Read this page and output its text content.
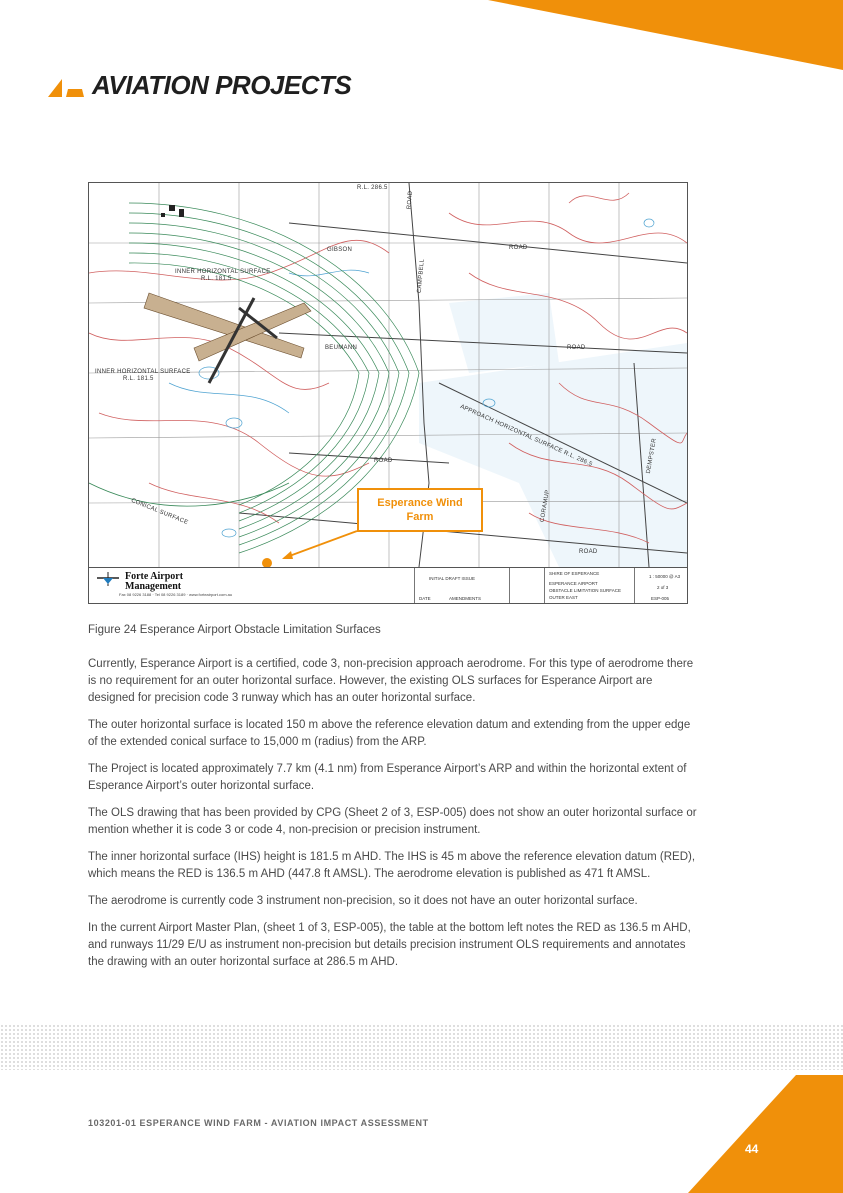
AVIATION PROJECTS
INNER HORIZONTAL SURFACE
R.L. 181.5
INNER HORIZONTAL SURFACE
R.L. 181.5
CONICAL SURFACE
APPROACH HORIZONTAL SURFACE R.L. 286.5
ROAD
ROAD
ROAD
ROAD
ROAD
GIBSON
CAMPBELL
BEUMANN
DEMPSTER
CORAMUP
R.L. 286.5
Esperance Wind Farm
Forte Airport
Management
Fax 08 9226 3188 · Tel 08 9226 3189 · www.forteairport.com.au
INITIAL DRAFT ISSUE
DATE	AMENDMENTS
SHIRE OF ESPERANCE
ESPERANCE AIRPORT
OBSTACLE LIMITATION SURFACE
OUTER EAST
1 : 50000 @ A3
2 of 3
ESP-005
Figure 24 Esperance Airport Obstacle Limitation Surfaces

Currently, Esperance Airport is a certified, code 3, non-precision approach aerodrome. For this type of aerodrome there is no requirement for an outer horizontal surface. However, the existing OLS surfaces for Esperance Airport are designed for precision code 3 runway which has an outer horizontal surface.

The outer horizontal surface is located 150 m above the reference elevation datum and extending from the upper edge of the extended conical surface to 15,000 m (radius) from the ARP.

The Project is located approximately 7.7 km (4.1 nm) from Esperance Airport’s ARP and within the horizontal extent of Esperance Airport’s outer horizontal surface.

The OLS drawing that has been provided by CPG (Sheet 2 of 3, ESP-005) does not show an outer horizontal surface or mention whether it is code 3 or code 4, non-precision or precision instrument.

The inner horizontal surface (IHS) height is 181.5 m AHD. The IHS is 45 m above the reference elevation datum (RED), which means the RED is 136.5 m AHD (447.8 ft AMSL). The aerodrome elevation is published as 471 ft AMSL.

The aerodrome is currently code 3 instrument non-precision, so it does not have an outer horizontal surface.

In the current Airport Master Plan, (sheet 1 of 3, ESP-005), the table at the bottom left notes the RED as 136.5 m AHD, and runways 11/29 E/U as instrument non-precision but details precision instrument OLS requirements and annotates the drawing with an outer horizontal surface at 286.5 m AHD.

103201-01 ESPERANCE WIND FARM - AVIATION IMPACT ASSESSMENT
44
